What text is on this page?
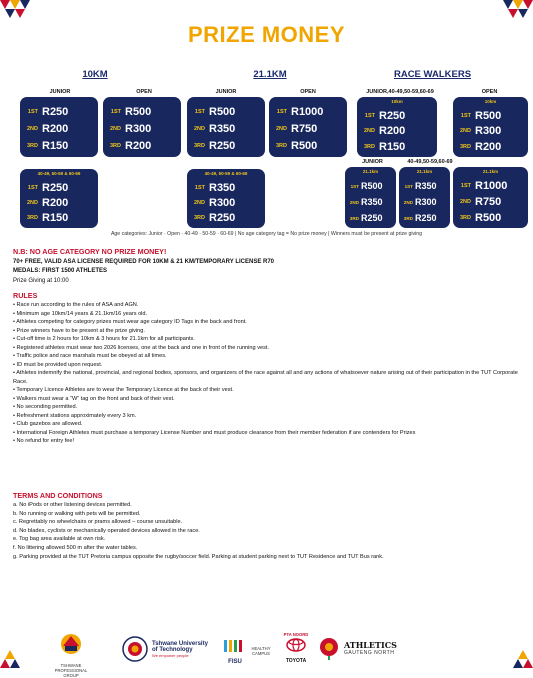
PRIZE MONEY
10KM	21.1KM	RACE WALKERS
JUNIOR	OPEN	JUNIOR	OPEN	JUNIOR,40-49,50-59,60-69	OPEN
JUNIOR	40-49,50-59,60-69
1ST R250
2ND R200
3RD R150
1ST R500
2ND R300
3RD R200
40-49, 50-59 & 60-69
1ST R250
2ND R200
3RD R150
1ST R500
2ND R350
3RD R250
1ST R1000
2ND R750
3RD R500
40-49, 50-59 & 60-69
1ST R350
2ND R300
3RD R250
10km
1ST R250
2ND R200
3RD R150
10km
1ST R500
2ND R300
3RD R200
21.1km
1ST R500
2ND R350
3RD R250
21.1km
1ST R350
2ND R300
3RD R250
21.1km
1ST R1000
2ND R750
3RD R500
Age categories: Junior · Open · 40-49 · 50-59 · 60-69 | No age category tag = No prize money | Winners must be present at prize giving
N.B: NO AGE CATEGORY NO PRIZE MONEY!
70+ FREE, VALID ASA LICENSE REQUIRED FOR 10KM & 21 KM/TEMPORARY LICENSE R70
MEDALS: FIRST 1500 ATHLETES
Prize Giving at 10:00
RULES
• Race run according to the rules of ASA and AGN.
• Minimum age 10km/14 years & 21.1km/16 years old.
• Athletes competing for category prizes must wear age category ID Tags in the back and front.
• Prize winners have to be present at the prize giving.
• Cut-off time is 2 hours for 10km & 3 hours for 21.1km for all participants.
• Registered athletes must wear two 2026 licenses, one at the back and one in front of the running vest.
• Traffic police and race marshals must be obeyed at all times.
• ID must be provided upon request.
• Athletes indemnify the national, provincial, and regional bodies, sponsors, and organizers of the race against all and any actions of whatsoever nature arising out of their participation in the TUT Corporate Race.
• Temporary Licence Athletes are to wear the Temporary Licence at the back of their vest.
• Walkers must wear a “W” tag on the front and back of their vest.
• No seconding permitted.
• Refreshment stations approximately every 3 km.
• Club gazebos are allowed.
• International Foreign Athletes must purchase a temporary License Number and must produce clearance from their member federation if are contenders for Prizes
• No refund for entry fee!
TERMS AND CONDITIONS
a. No iPods or other listening devices permitted.
b. No running or walking with pets will be permitted.
c. Regrettably no wheelchairs or prams allowed – course unsuitable.
d. No blades, cyclists or mechanically operated devices allowed in the race.
e. Tog bag area available at own risk.
f. No littering allowed 500 m after the water tables.
g. Parking provided at the TUT Pretoria campus opposite the rugby/soccer field. Parking at student parking next to TUT Residence and TUT Bus rank.
TSHWANE PROFESSIONAL GROUP
Tshwane University
of Technology
We empower people
FISU
HEALTHY CAMPUS
PTA NOORD
TOYOTA
ATHLETICS
GAUTENG NORTH
